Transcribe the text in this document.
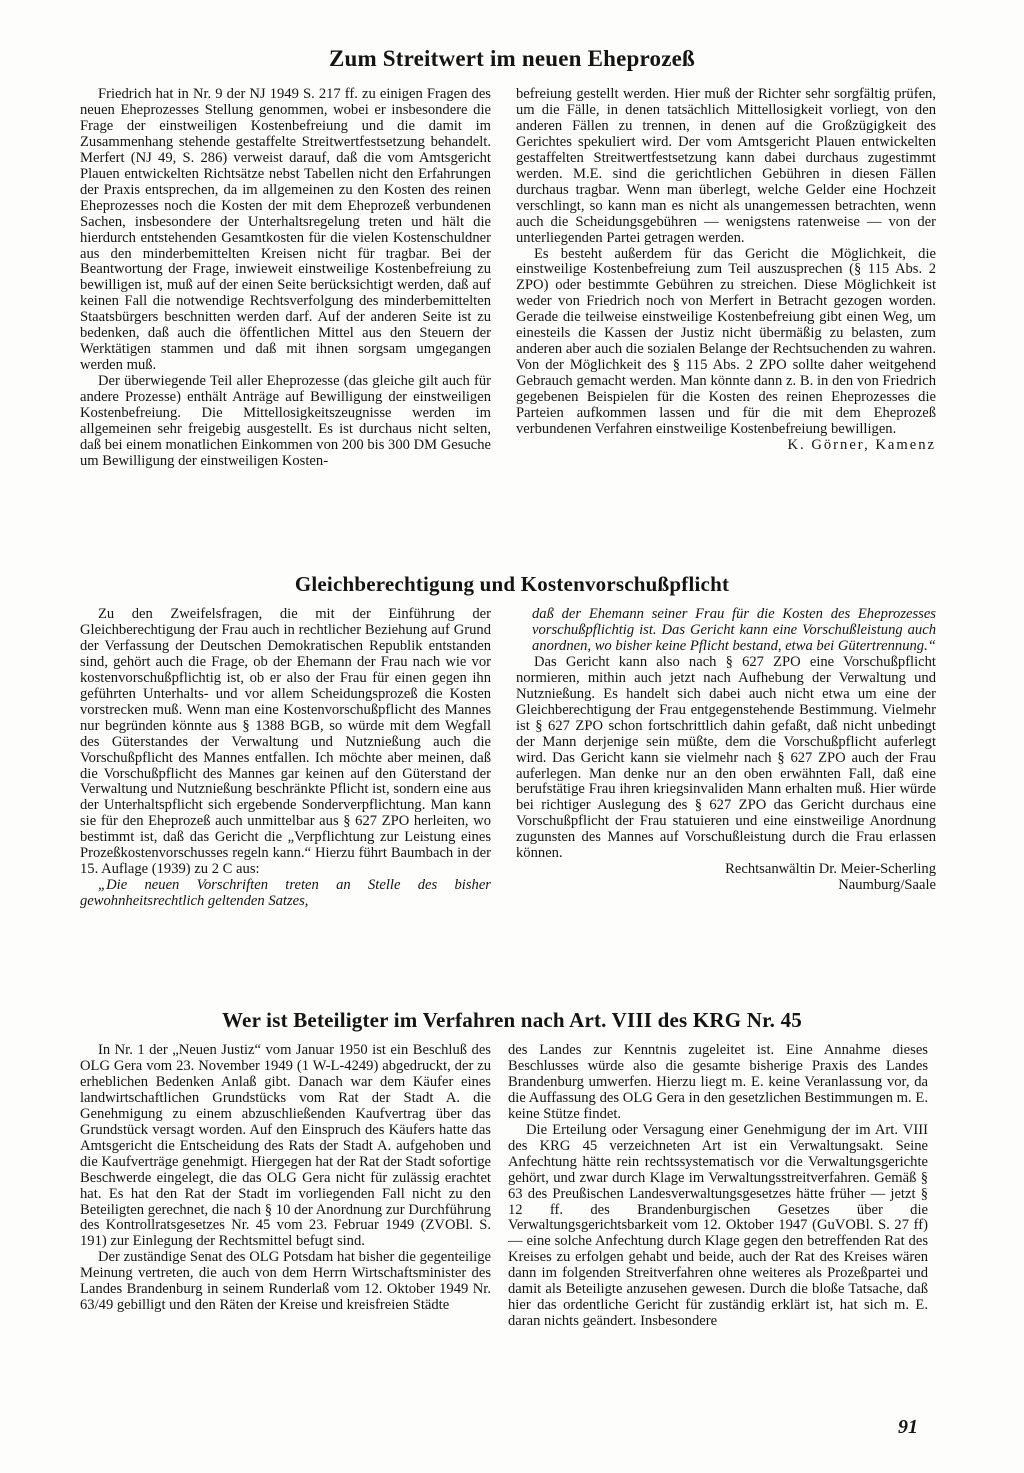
Zum Streitwert im neuen Eheprozeß

Friedrich hat in Nr. 9 der NJ 1949 S. 217 ff. zu einigen Fragen des neuen Eheprozesses Stellung genommen, wobei er insbesondere die Frage der einstweiligen Kostenbefreiung und die damit im Zusammenhang stehende gestaffelte Streitwertfestsetzung behandelt. Merfert (NJ 49, S. 286) verweist darauf, daß die vom Amtsgericht Plauen entwickelten Richtsätze nebst Tabellen nicht den Erfahrungen der Praxis entsprechen, da im allgemeinen zu den Kosten des reinen Eheprozesses noch die Kosten der mit dem Eheprozeß verbundenen Sachen, insbesondere der Unterhaltsregelung treten und hält die hierdurch entstehenden Gesamtkosten für die vielen Kostenschuldner aus den minderbemittelten Kreisen nicht für tragbar. Bei der Beantwortung der Frage, inwieweit einstweilige Kostenbefreiung zu bewilligen ist, muß auf der einen Seite berücksichtigt werden, daß auf keinen Fall die notwendige Rechtsverfolgung des minderbemittelten Staatsbürgers beschnitten werden darf. Auf der anderen Seite ist zu bedenken, daß auch die öffentlichen Mittel aus den Steuern der Werktätigen stammen und daß mit ihnen sorgsam umgegangen werden muß.

Der überwiegende Teil aller Eheprozesse (das gleiche gilt auch für andere Prozesse) enthält Anträge auf Bewilligung der einstweiligen Kostenbefreiung. Die Mittellosigkeitszeugnisse werden im allgemeinen sehr freigebig ausgestellt. Es ist durchaus nicht selten, daß bei einem monatlichen Einkommen von 200 bis 300 DM Gesuche um Bewilligung der einstweiligen Kosten-

befreiung gestellt werden. Hier muß der Richter sehr sorgfältig prüfen, um die Fälle, in denen tatsächlich Mittellosigkeit vorliegt, von den anderen Fällen zu trennen, in denen auf die Großzügigkeit des Gerichtes spekuliert wird. Der vom Amtsgericht Plauen entwickelten gestaffelten Streitwertfestsetzung kann dabei durchaus zugestimmt werden. M.E. sind die gerichtlichen Gebühren in diesen Fällen durchaus tragbar. Wenn man überlegt, welche Gelder eine Hochzeit verschlingt, so kann man es nicht als unangemessen betrachten, wenn auch die Scheidungsgebühren — wenigstens ratenweise — von der unterliegenden Partei getragen werden.

Es besteht außerdem für das Gericht die Möglichkeit, die einstweilige Kostenbefreiung zum Teil auszusprechen (§ 115 Abs. 2 ZPO) oder bestimmte Gebühren zu streichen. Diese Möglichkeit ist weder von Friedrich noch von Merfert in Betracht gezogen worden. Gerade die teilweise einstweilige Kostenbefreiung gibt einen Weg, um einesteils die Kassen der Justiz nicht übermäßig zu belasten, zum anderen aber auch die sozialen Belange der Rechtsuchenden zu wahren. Von der Möglichkeit des § 115 Abs. 2 ZPO sollte daher weitgehend Gebrauch gemacht werden. Man könnte dann z. B. in den von Friedrich gegebenen Beispielen für die Kosten des reinen Eheprozesses die Parteien aufkommen lassen und für die mit dem Eheprozeß verbundenen Verfahren einstweilige Kostenbefreiung bewilligen.

K. Görner, Kamenz

Gleichberechtigung und Kostenvorschußpflicht

Zu den Zweifelsfragen, die mit der Einführung der Gleichberechtigung der Frau auch in rechtlicher Beziehung auf Grund der Verfassung der Deutschen Demokratischen Republik entstanden sind, gehört auch die Frage, ob der Ehemann der Frau nach wie vor kostenvorschußpflichtig ist, ob er also der Frau für einen gegen ihn geführten Unterhalts- und vor allem Scheidungsprozeß die Kosten vorstrecken muß. Wenn man eine Kostenvorschußpflicht des Mannes nur begründen könnte aus § 1388 BGB, so würde mit dem Wegfall des Güterstandes der Verwaltung und Nutznießung auch die Vorschußpflicht des Mannes entfallen. Ich möchte aber meinen, daß die Vorschußpflicht des Mannes gar keinen auf den Güterstand der Verwaltung und Nutznießung beschränkte Pflicht ist, sondern eine aus der Unterhaltspflicht sich ergebende Sonderverpflichtung. Man kann sie für den Eheprozeß auch unmittelbar aus § 627 ZPO herleiten, wo bestimmt ist, daß das Gericht die „Verpflichtung zur Leistung eines Prozeßkostenvorschusses regeln kann.“ Hierzu führt Baumbach in der 15. Auflage (1939) zu 2 C aus:

„Die neuen Vorschriften treten an Stelle des bisher gewohnheitsrechtlich geltenden Satzes,

daß der Ehemann seiner Frau für die Kosten des Eheprozesses vorschußpflichtig ist. Das Gericht kann eine Vorschußleistung auch anordnen, wo bisher keine Pflicht bestand, etwa bei Gütertrennung.“

Das Gericht kann also nach § 627 ZPO eine Vorschußpflicht normieren, mithin auch jetzt nach Aufhebung der Verwaltung und Nutznießung. Es handelt sich dabei auch nicht etwa um eine der Gleichberechtigung der Frau entgegenstehende Bestimmung. Vielmehr ist § 627 ZPO schon fortschrittlich dahin gefaßt, daß nicht unbedingt der Mann derjenige sein müßte, dem die Vorschußpflicht auferlegt wird. Das Gericht kann sie vielmehr nach § 627 ZPO auch der Frau auferlegen. Man denke nur an den oben erwähnten Fall, daß eine berufstätige Frau ihren kriegsinvaliden Mann erhalten muß. Hier würde bei richtiger Auslegung des § 627 ZPO das Gericht durchaus eine Vorschußpflicht der Frau statuieren und eine einstweilige Anordnung zugunsten des Mannes auf Vorschußleistung durch die Frau erlassen können.

Rechtsanwältin Dr. Meier-Scherling

Naumburg/Saale

Wer ist Beteiligter im Verfahren nach Art. VIII des KRG Nr. 45

In Nr. 1 der „Neuen Justiz“ vom Januar 1950 ist ein Beschluß des OLG Gera vom 23. November 1949 (1 W-L-4249) abgedruckt, der zu erheblichen Bedenken Anlaß gibt. Danach war dem Käufer eines landwirtschaftlichen Grundstücks vom Rat der Stadt A. die Genehmigung zu einem abzuschließenden Kaufvertrag über das Grundstück versagt worden. Auf den Einspruch des Käufers hatte das Amtsgericht die Entscheidung des Rats der Stadt A. aufgehoben und die Kaufverträge genehmigt. Hiergegen hat der Rat der Stadt sofortige Beschwerde eingelegt, die das OLG Gera nicht für zulässig erachtet hat. Es hat den Rat der Stadt im vorliegenden Fall nicht zu den Beteiligten gerechnet, die nach § 10 der Anordnung zur Durchführung des Kontrollratsgesetzes Nr. 45 vom 23. Februar 1949 (ZVOBl. S. 191) zur Einlegung der Rechtsmittel befugt sind.

Der zuständige Senat des OLG Potsdam hat bisher die gegenteilige Meinung vertreten, die auch von dem Herrn Wirtschaftsminister des Landes Brandenburg in seinem Runderlaß vom 12. Oktober 1949 Nr. 63/49 gebilligt und den Räten der Kreise und kreisfreien Städte

des Landes zur Kenntnis zugeleitet ist. Eine Annahme dieses Beschlusses würde also die gesamte bisherige Praxis des Landes Brandenburg umwerfen. Hierzu liegt m. E. keine Veranlassung vor, da die Auffassung des OLG Gera in den gesetzlichen Bestimmungen m. E. keine Stütze findet.

Die Erteilung oder Versagung einer Genehmigung der im Art. VIII des KRG 45 verzeichneten Art ist ein Verwaltungsakt. Seine Anfechtung hätte rein rechtssystematisch vor die Verwaltungsgerichte gehört, und zwar durch Klage im Verwaltungsstreitverfahren. Gemäß § 63 des Preußischen Landesverwaltungsgesetzes hätte früher — jetzt § 12 ff. des Brandenburgischen Gesetzes über die Verwaltungsgerichtsbarkeit vom 12. Oktober 1947 (GuVOBl. S. 27 ff) — eine solche Anfechtung durch Klage gegen den betreffenden Rat des Kreises zu erfolgen gehabt und beide, auch der Rat des Kreises wären dann im folgenden Streitverfahren ohne weiteres als Prozeßpartei und damit als Beteiligte anzusehen gewesen. Durch die bloße Tatsache, daß hier das ordentliche Gericht für zuständig erklärt ist, hat sich m. E. daran nichts geändert. Insbesondere

91
